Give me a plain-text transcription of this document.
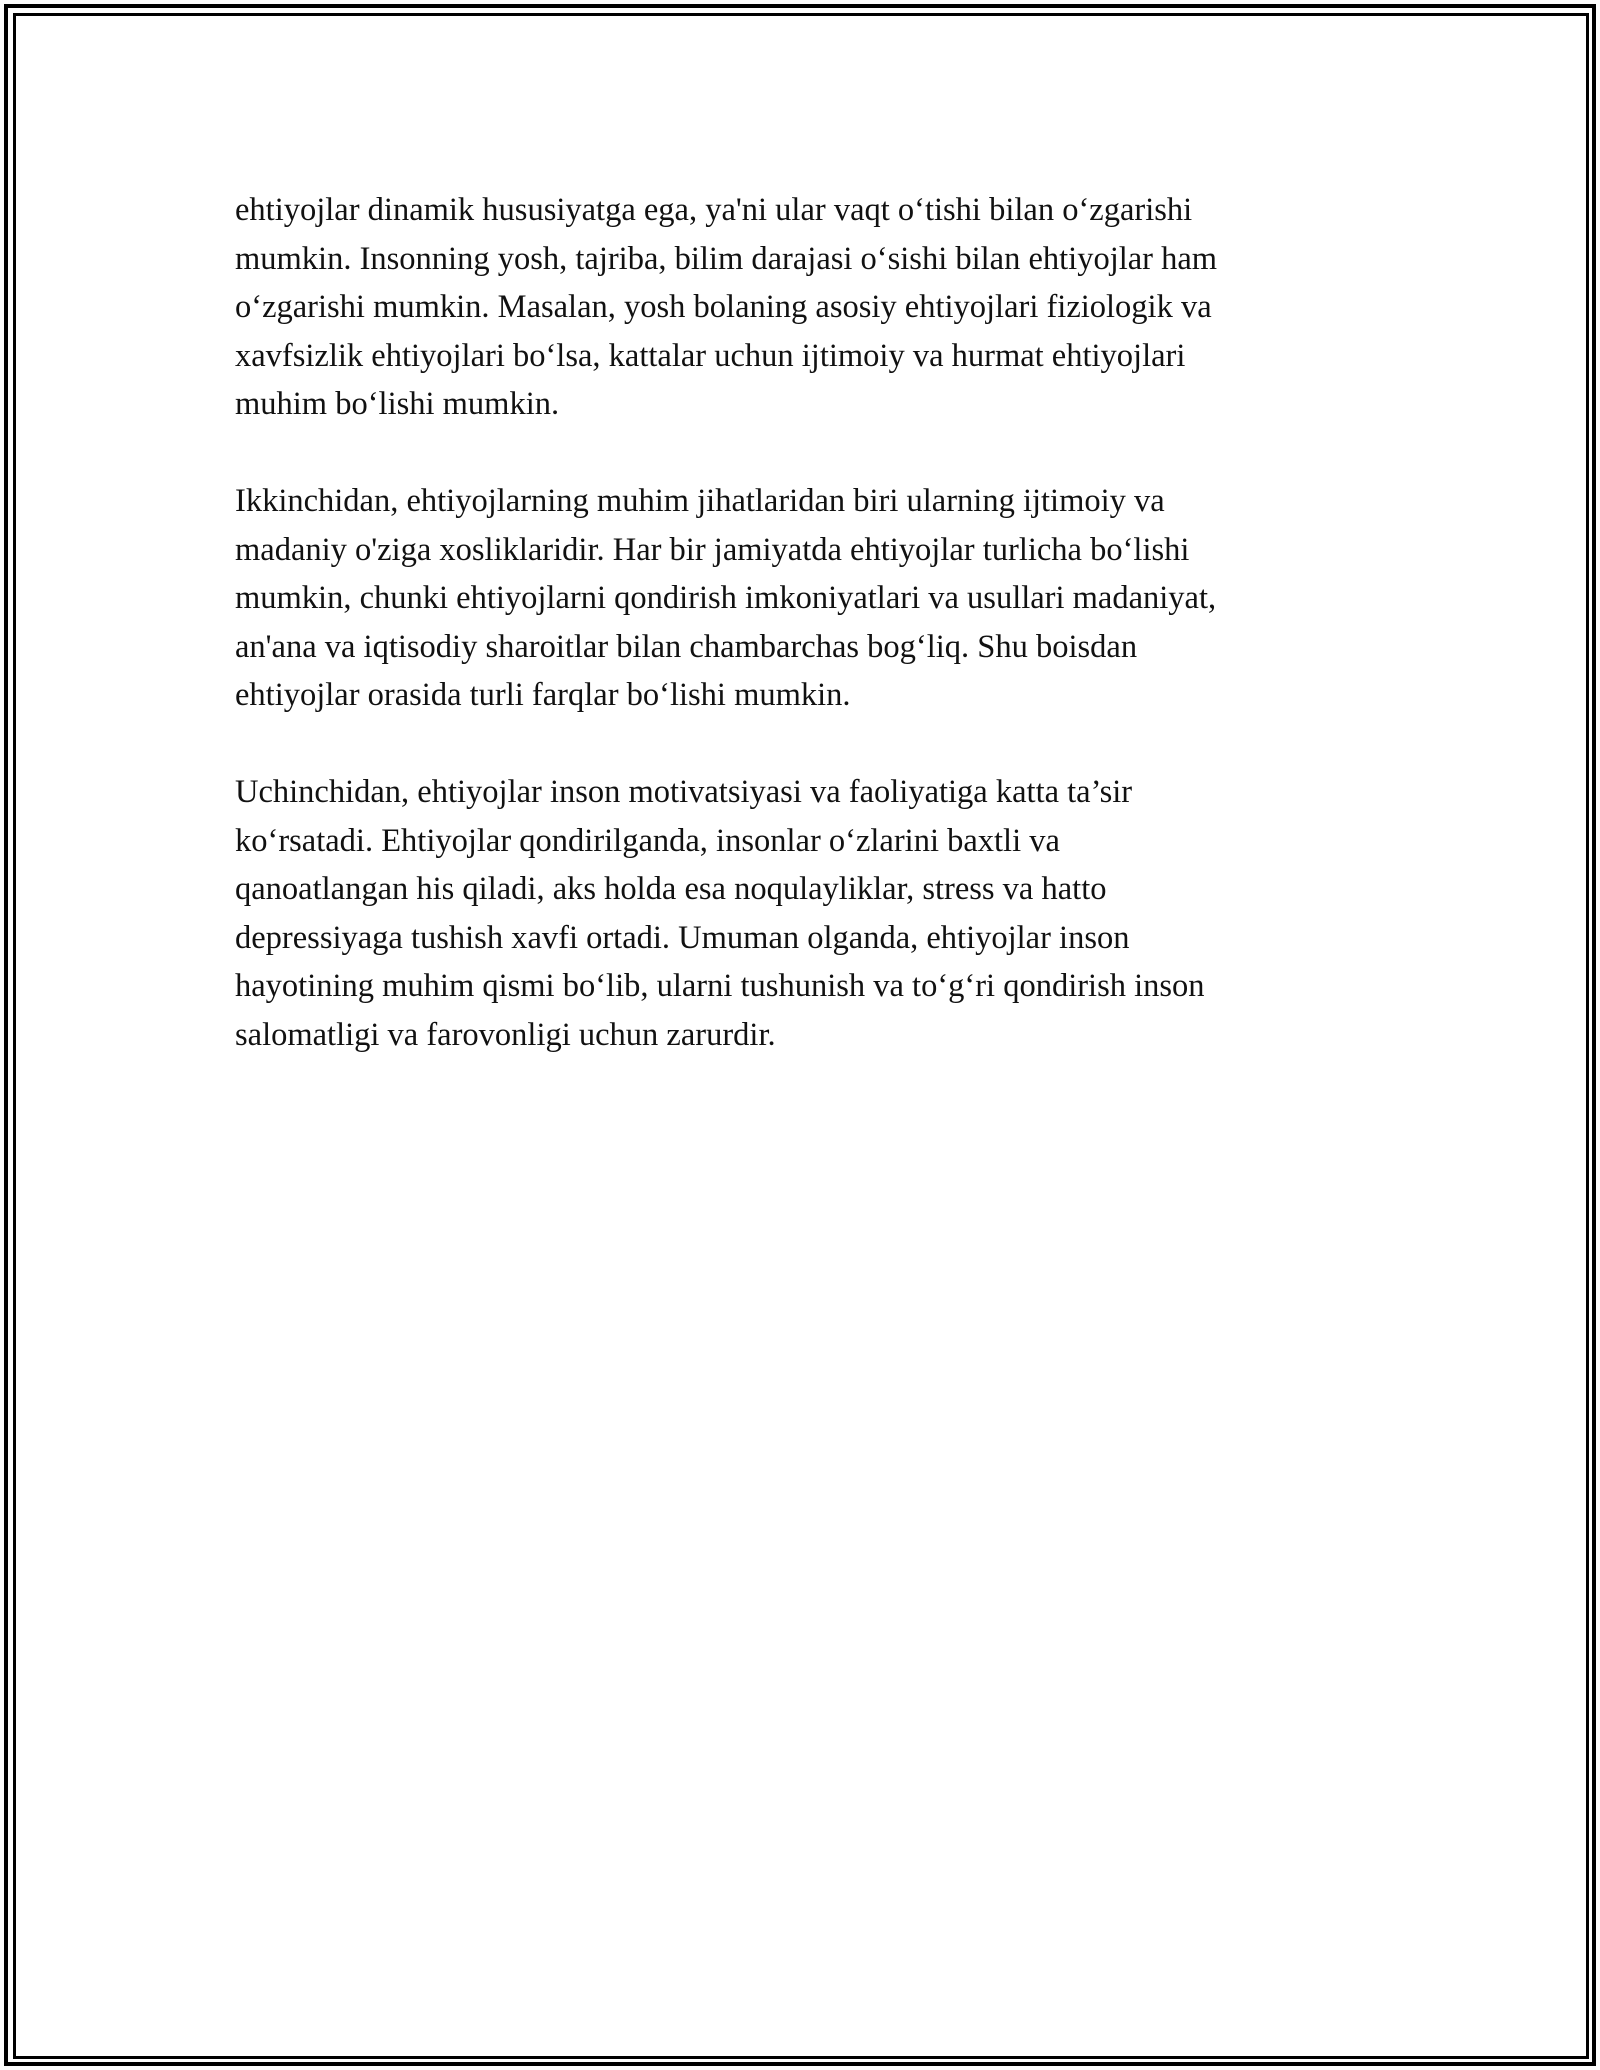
ehtiyojlar dinamik hususiyatga ega, ya'ni ular vaqt o‘tishi bilan o‘zgarishi
mumkin. Insonning yosh, tajriba, bilim darajasi o‘sishi bilan ehtiyojlar ham
o‘zgarishi mumkin. Masalan, yosh bolaning asosiy ehtiyojlari fiziologik va
xavfsizlik ehtiyojlari bo‘lsa, kattalar uchun ijtimoiy va hurmat ehtiyojlari
muhim bo‘lishi mumkin.

Ikkinchidan, ehtiyojlarning muhim jihatlaridan biri ularning ijtimoiy va
madaniy o'ziga xosliklaridir. Har bir jamiyatda ehtiyojlar turlicha bo‘lishi
mumkin, chunki ehtiyojlarni qondirish imkoniyatlari va usullari madaniyat,
an'ana va iqtisodiy sharoitlar bilan chambarchas bog‘liq. Shu boisdan
ehtiyojlar orasida turli farqlar bo‘lishi mumkin.

Uchinchidan, ehtiyojlar inson motivatsiyasi va faoliyatiga katta ta’sir
ko‘rsatadi. Ehtiyojlar qondirilganda, insonlar o‘zlarini baxtli va
qanoatlangan his qiladi, aks holda esa noqulayliklar, stress va hatto
depressiyaga tushish xavfi ortadi. Umuman olganda, ehtiyojlar inson
hayotining muhim qismi bo‘lib, ularni tushunish va to‘g‘ri qondirish inson
salomatligi va farovonligi uchun zarurdir.
